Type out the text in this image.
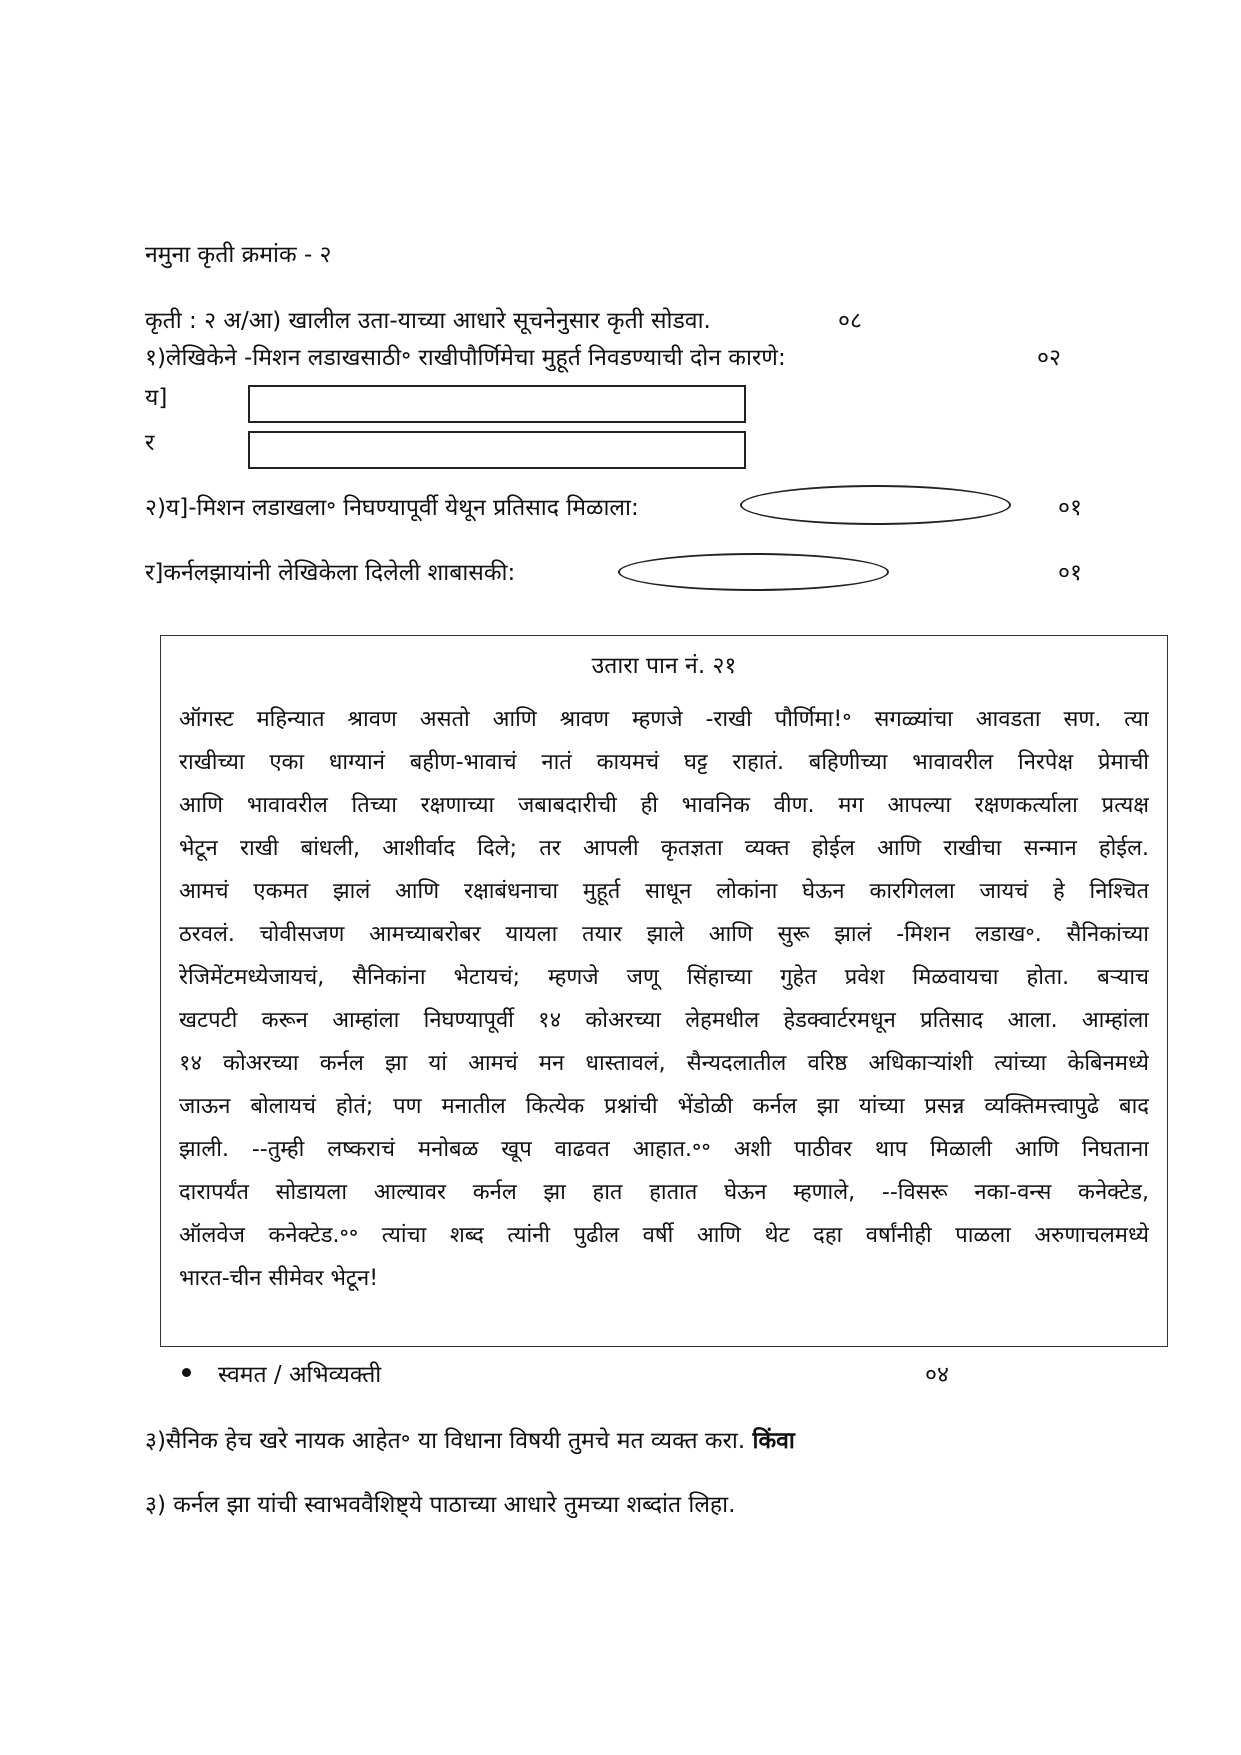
नमुना कृती क्रमांक - २
कृती : २ अ/आ) खालील उता-याच्या आधारे सूचनेनुसार कृती सोडवा.	०८
१)लेखिकेने -मिशन लडाखसाठी॰ राखीपौर्णिमेचा मुहूर्त निवडण्याची दोन कारणे:	०२
य]
र
२)य]-मिशन लडाखला॰ निघण्यापूर्वी येथून प्रतिसाद मिळाला:	०१
र]कर्नलझायांनी लेखिकेला दिलेली शाबासकी:	०१
उतारा पान नं. २१
ऑगस्ट महिन्यात श्रावण असतो आणि श्रावण म्हणजे -राखी पौर्णिमा!॰ सगळ्यांचा आवडता सण. त्या
राखीच्या एका धाग्यानं बहीण-भावाचं नातं कायमचं घट्ट राहातं. बहिणीच्या भावावरील निरपेक्ष प्रेमाची
आणि भावावरील तिच्या रक्षणाच्या जबाबदारीची ही भावनिक वीण. मग आपल्या रक्षणकर्त्याला प्रत्यक्ष
भेटून राखी बांधली, आशीर्वाद दिले; तर आपली कृतज्ञता व्यक्त होईल आणि राखीचा सन्मान होईल.
आमचं एकमत झालं आणि रक्षाबंधनाचा मुहूर्त साधून लोकांना घेऊन कारगिलला जायचं हे निश्चित
ठरवलं. चोवीसजण आमच्याबरोबर यायला तयार झाले आणि सुरू झालं -मिशन लडाख॰. सैनिकांच्या
रेजिमेंटमध्येजायचं, सैनिकांना भेटायचं; म्हणजे जणू सिंहाच्या गुहेत प्रवेश मिळवायचा होता. बऱ्याच
खटपटी करून आम्हांला निघण्यापूर्वी १४ कोअरच्या लेहमधील हेडक्वार्टरमधून प्रतिसाद आला. आम्हांला
१४ कोअरच्या कर्नल झा यां आमचं मन धास्तावलं, सैन्यदलातील वरिष्ठ अधिकाऱ्यांशी त्यांच्या केबिनमध्ये
जाऊन बोलायचं होतं; पण मनातील कित्येक प्रश्नांची भेंडोळी कर्नल झा यांच्या प्रसन्न व्यक्तिमत्त्वापुढे बाद
झाली. --तुम्ही लष्कराचं मनोबळ खूप वाढवत आहात.॰॰ अशी पाठीवर थाप मिळाली आणि निघताना
दारापर्यंत सोडायला आल्यावर कर्नल झा हात हातात घेऊन म्हणाले, --विसरू नका-वन्स कनेक्टेड,
ऑलवेज कनेक्टेड.॰॰ त्यांचा शब्द त्यांनी पुढील वर्षी आणि थेट दहा वर्षांनीही पाळला अरुणाचलमध्ये
भारत-चीन सीमेवर भेटून!
स्वमत / अभिव्यक्ती	०४
३)सैनिक हेच खरे नायक आहेत॰ या विधाना विषयी तुमचे मत व्यक्त करा. किंवा
३) कर्नल झा यांची स्वाभववैशिष्ट्ये पाठाच्या आधारे तुमच्या शब्दांत लिहा.
